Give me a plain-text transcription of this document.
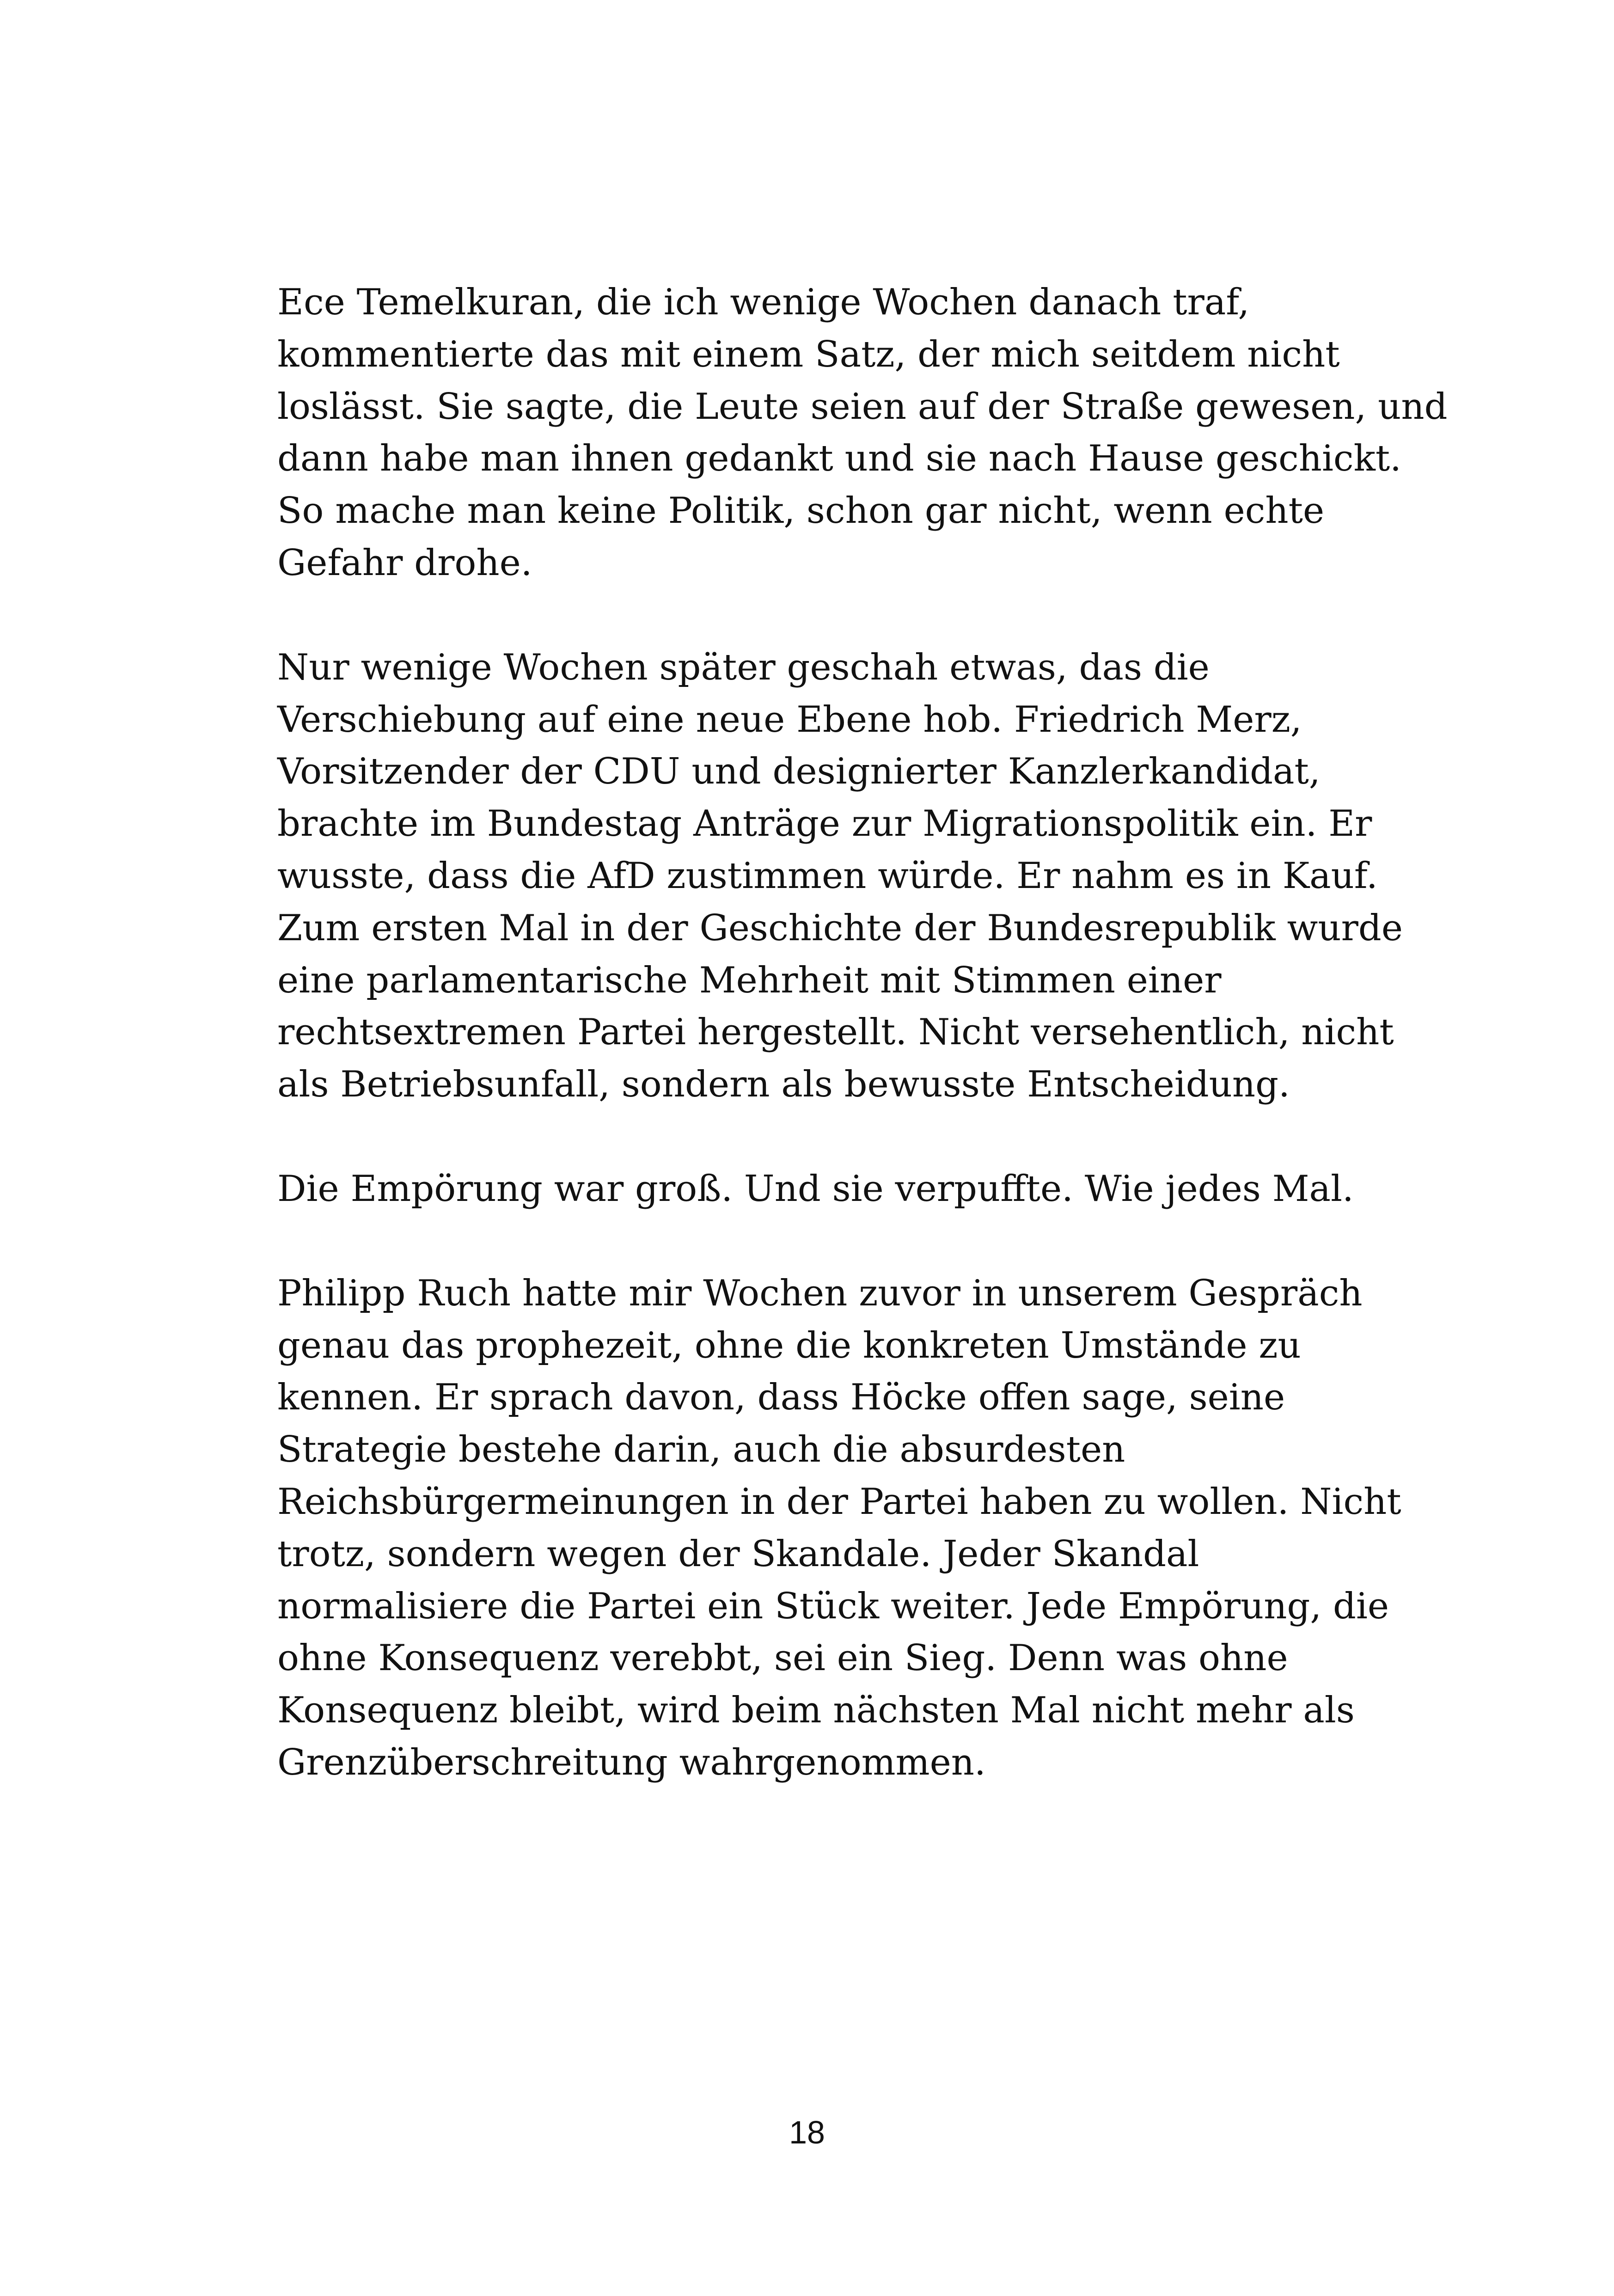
Ece Temelkuran, die ich wenige Wochen danach traf,
kommentierte das mit einem Satz, der mich seitdem nicht
loslässt. Sie sagte, die Leute seien auf der Straße gewesen, und
dann habe man ihnen gedankt und sie nach Hause geschickt.
So mache man keine Politik, schon gar nicht, wenn echte
Gefahr drohe.

Nur wenige Wochen später geschah etwas, das die
Verschiebung auf eine neue Ebene hob. Friedrich Merz,
Vorsitzender der CDU und designierter Kanzlerkandidat,
brachte im Bundestag Anträge zur Migrationspolitik ein. Er
wusste, dass die AfD zustimmen würde. Er nahm es in Kauf.
Zum ersten Mal in der Geschichte der Bundesrepublik wurde
eine parlamentarische Mehrheit mit Stimmen einer
rechtsextremen Partei hergestellt. Nicht versehentlich, nicht
als Betriebsunfall, sondern als bewusste Entscheidung.

Die Empörung war groß. Und sie verpuffte. Wie jedes Mal.

Philipp Ruch hatte mir Wochen zuvor in unserem Gespräch
genau das prophezeit, ohne die konkreten Umstände zu
kennen. Er sprach davon, dass Höcke offen sage, seine
Strategie bestehe darin, auch die absurdesten
Reichsbürgermeinungen in der Partei haben zu wollen. Nicht
trotz, sondern wegen der Skandale. Jeder Skandal
normalisiere die Partei ein Stück weiter. Jede Empörung, die
ohne Konsequenz verebbt, sei ein Sieg. Denn was ohne
Konsequenz bleibt, wird beim nächsten Mal nicht mehr als
Grenzüberschreitung wahrgenommen.

18
